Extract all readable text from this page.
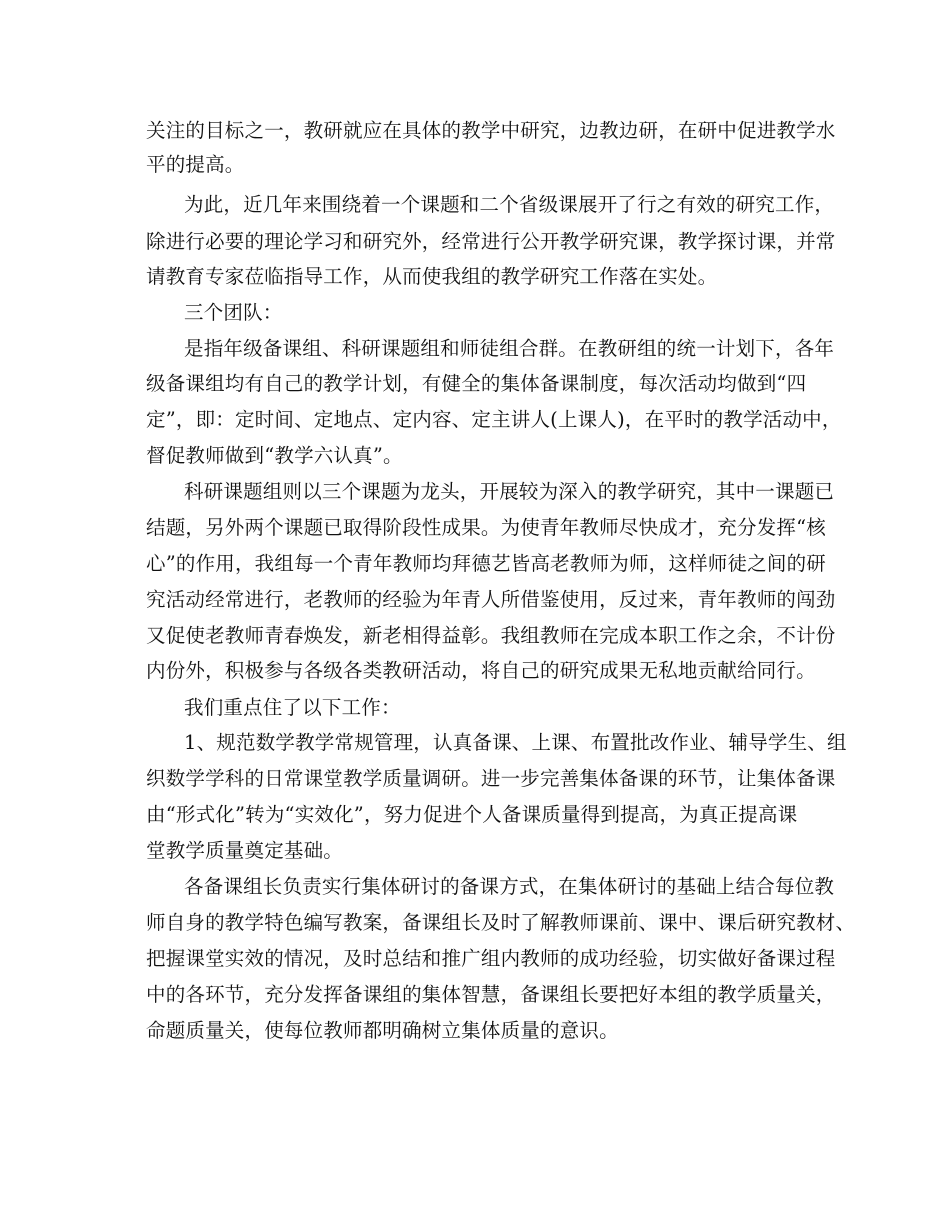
关注的目标之一，教研就应在具体的教学中研究，边教边研，在研中促进教学水
平的提高。
为此，近几年来围绕着一个课题和二个省级课展开了行之有效的研究工作，
除进行必要的理论学习和研究外，经常进行公开教学研究课，教学探讨课，并常
请教育专家莅临指导工作，从而使我组的教学研究工作落在实处。
三个团队：
是指年级备课组、科研课题组和师徒组合群。在教研组的统一计划下，各年
级备课组均有自己的教学计划，有健全的集体备课制度，每次活动均做到“四
定”，即：定时间、定地点、定内容、定主讲人(上课人)，在平时的教学活动中，
督促教师做到“教学六认真”。
科研课题组则以三个课题为龙头，开展较为深入的教学研究，其中一课题已
结题，另外两个课题已取得阶段性成果。为使青年教师尽快成才，充分发挥“核
心”的作用，我组每一个青年教师均拜德艺皆高老教师为师，这样师徒之间的研
究活动经常进行，老教师的经验为年青人所借鉴使用，反过来，青年教师的闯劲
又促使老教师青春焕发，新老相得益彰。我组教师在完成本职工作之余，不计份
内份外，积极参与各级各类教研活动，将自己的研究成果无私地贡献给同行。
我们重点住了以下工作：
1、规范数学教学常规管理，认真备课、上课、布置批改作业、辅导学生、组
织数学学科的日常课堂教学质量调研。进一步完善集体备课的环节，让集体备课
由“形式化”转为“实效化”，努力促进个人备课质量得到提高，为真正提高课
堂教学质量奠定基础。
各备课组长负责实行集体研讨的备课方式，在集体研讨的基础上结合每位教
师自身的教学特色编写教案，备课组长及时了解教师课前、课中、课后研究教材、
把握课堂实效的情况，及时总结和推广组内教师的成功经验，切实做好备课过程
中的各环节，充分发挥备课组的集体智慧，备课组长要把好本组的教学质量关，
命题质量关，使每位教师都明确树立集体质量的意识。
